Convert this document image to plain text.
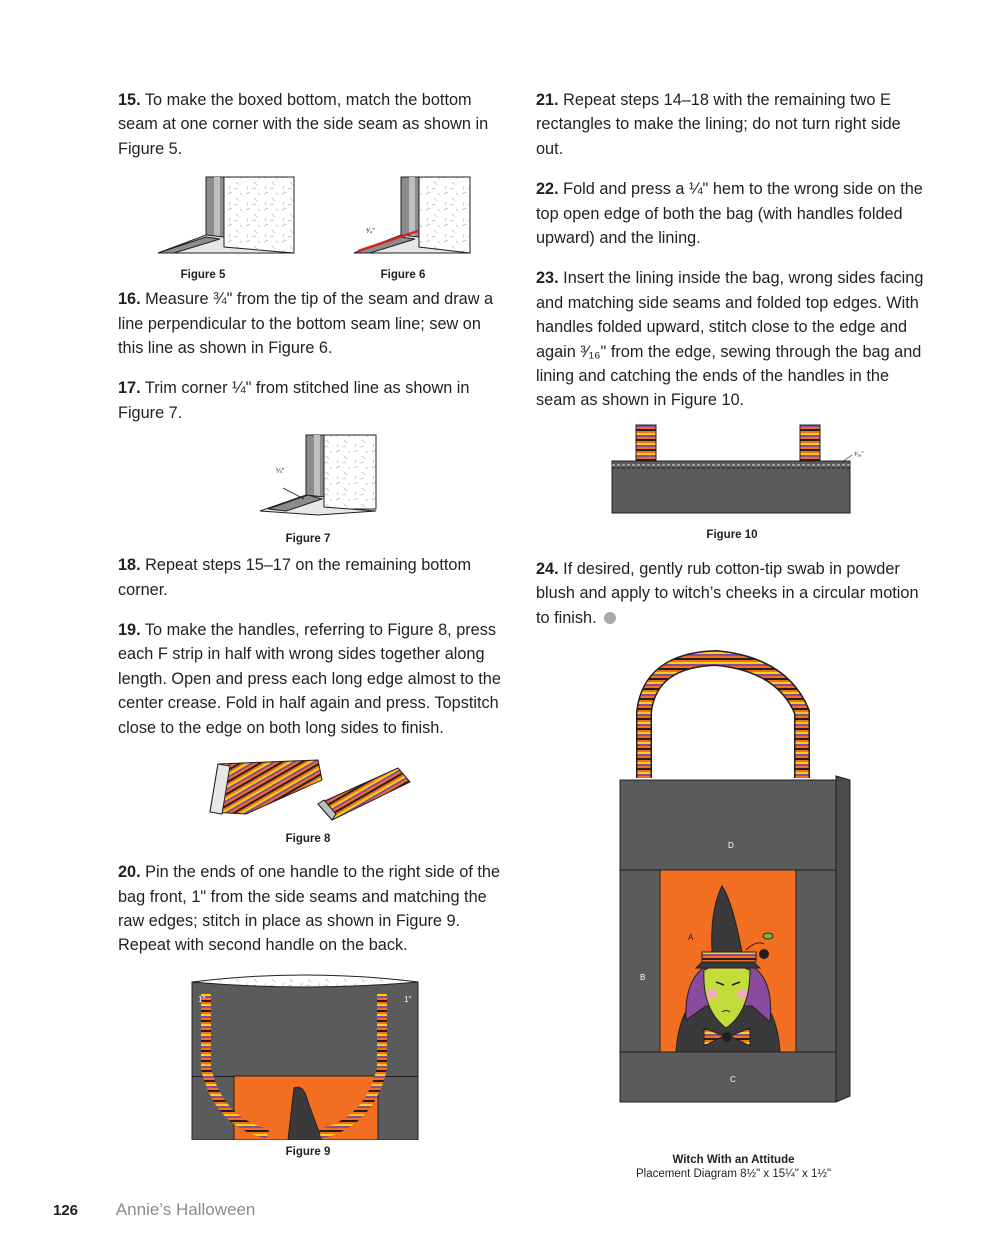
15. To make the boxed bottom, match the bottom seam at one corner with the side seam as shown in Figure 5.

³⁄₄"
Figure 5	Figure 6

16. Measure ¾" from the tip of the seam and draw a line perpendicular to the bottom seam line; sew on this line as shown in Figure 6.

17. Trim corner ¼" from stitched line as shown in Figure 7.

¼"
Figure 7

18. Repeat steps 15–17 on the remaining bottom corner.

19. To make the handles, referring to Figure 8, press each F strip in half with wrong sides together along length. Open and press each long edge almost to the center crease. Fold in half again and press. Topstitch close to the edge on both long sides to finish.

Figure 8

20. Pin the ends of one handle to the right side of the bag front, 1" from the side seams and matching the raw edges; stitch in place as shown in Figure 9. Repeat with second handle on the back.

1"	1"
Figure 9

21. Repeat steps 14–18 with the remaining two E rectangles to make the lining; do not turn right side out.

22. Fold and press a ¼" hem to the wrong side on the top open edge of both the bag (with handles folded upward) and the lining.

23. Insert the lining inside the bag, wrong sides facing and matching side seams and folded top edges. With handles folded upward, stitch close to the edge and again ³⁄₁₆" from the edge, sewing through the bag and lining and catching the ends of the handles in the seam as shown in Figure 10.

³⁄₁₆"
Figure 10

24. If desired, gently rub cotton-tip swab in powder blush and apply to witch’s cheeks in a circular motion to finish.

D
A
B
C
Witch With an Attitude
Placement Diagram 8½" x 15¼" x 1½"
126 Annie’s Halloween
